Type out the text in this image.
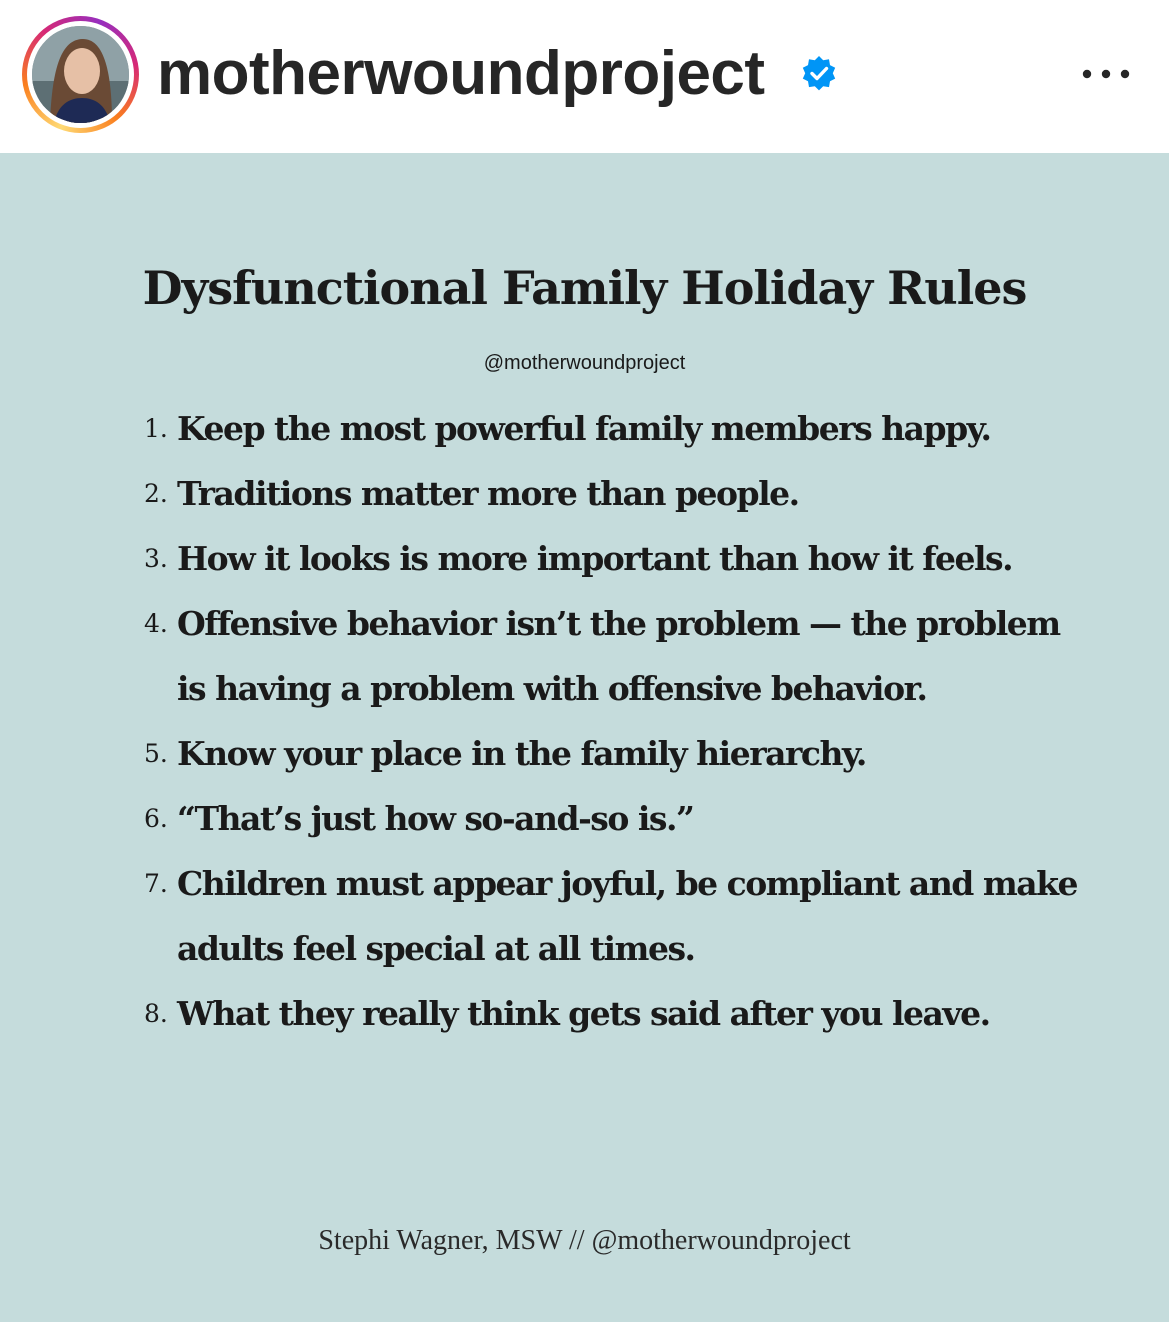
motherwoundproject
Dysfunctional Family Holiday Rules
@motherwoundproject
1. Keep the most powerful family members happy.
2. Traditions matter more than people.
3. How it looks is more important than how it feels.
4. Offensive behavior isn’t the problem — the problem is having a problem with offensive behavior.
5. Know your place in the family hierarchy.
6. “That’s just how so-and-so is.”
7. Children must appear joyful, be compliant and make adults feel special at all times.
8. What they really think gets said after you leave.
Stephi Wagner, MSW // @motherwoundproject
